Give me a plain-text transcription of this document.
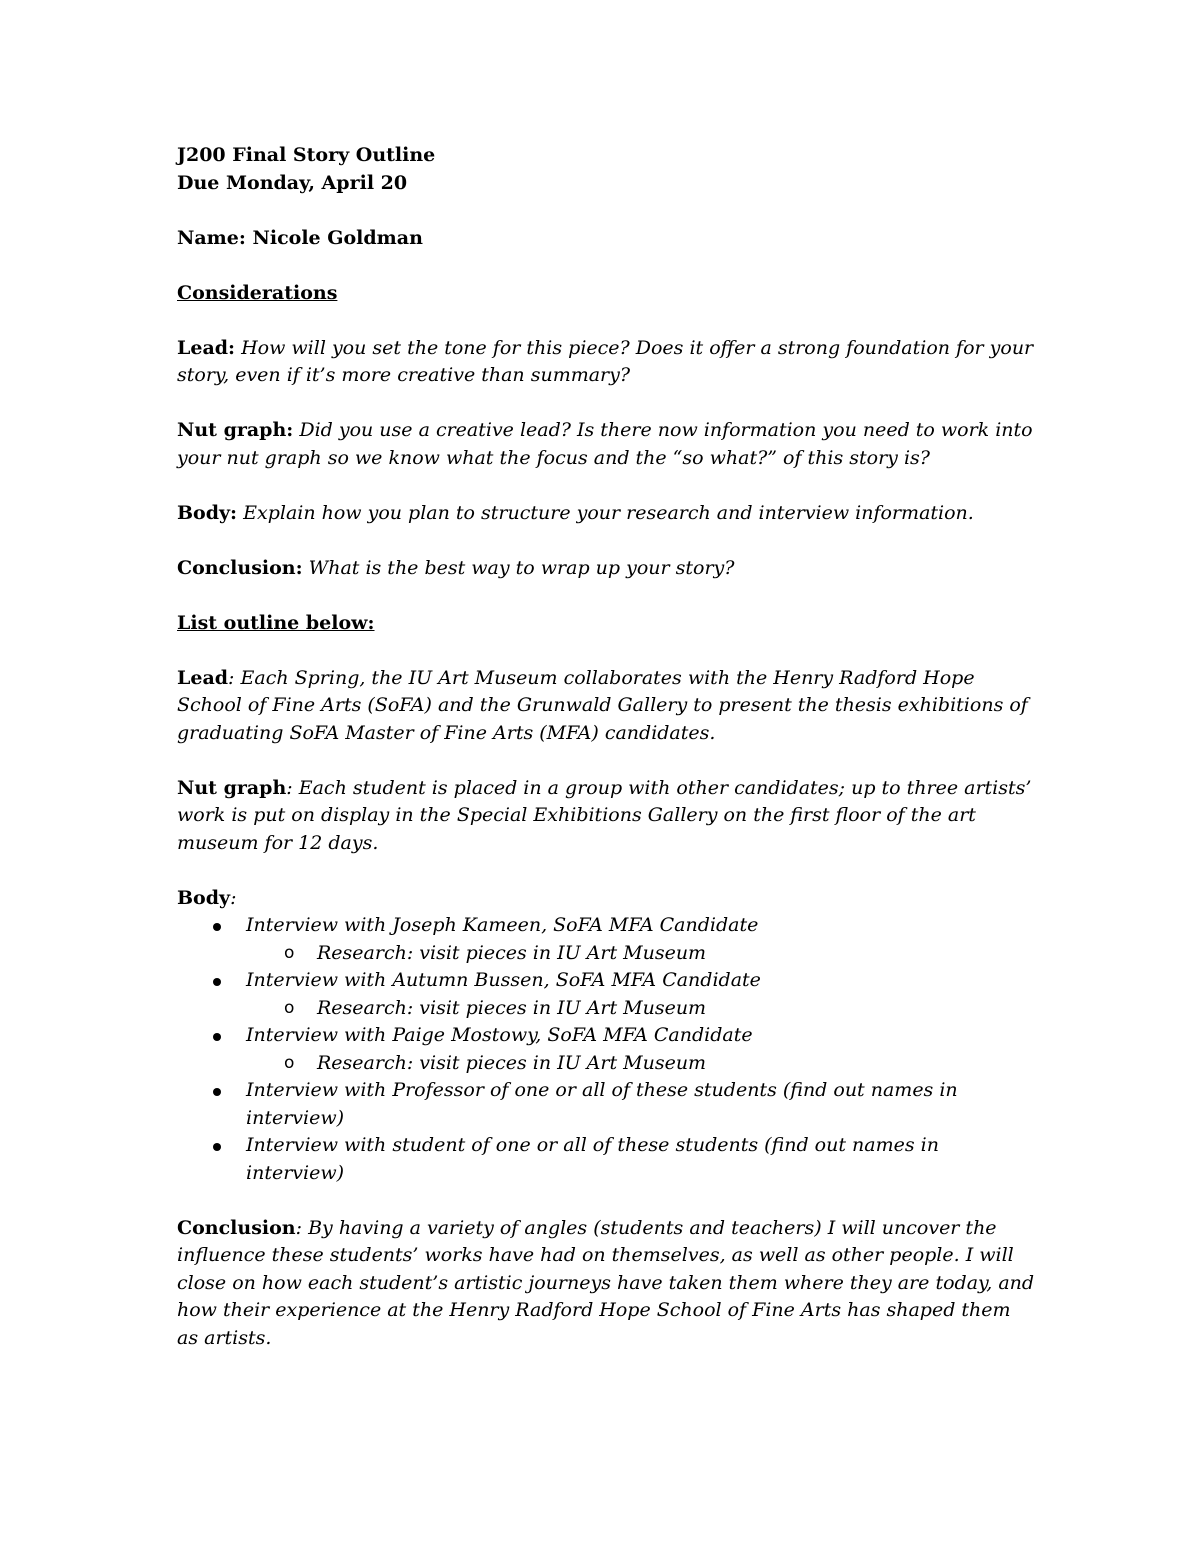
J200 Final Story Outline

Due Monday, April 20

Name: Nicole Goldman

Considerations

Lead: How will you set the tone for this piece? Does it offer a strong foundation for your story, even if it’s more creative than summary?

Nut graph: Did you use a creative lead? Is there now information you need to work into your nut graph so we know what the focus and the “so what?” of this story is?

Body: Explain how you plan to structure your research and interview information.

Conclusion: What is the best way to wrap up your story?

List outline below:

Lead: Each Spring, the IU Art Museum collaborates with the Henry Radford Hope School of Fine Arts (SoFA) and the Grunwald Gallery to present the thesis exhibitions of graduating SoFA Master of Fine Arts (MFA) candidates.

Nut graph: Each student is placed in a group with other candidates; up to three artists’ work is put on display in the Special Exhibitions Gallery on the first floor of the art museum for 12 days.

Body:

Interview with Joseph Kameen, SoFA MFA Candidate
o Research: visit pieces in IU Art Museum
Interview with Autumn Bussen, SoFA MFA Candidate
o Research: visit pieces in IU Art Museum
Interview with Paige Mostowy, SoFA MFA Candidate
o Research: visit pieces in IU Art Museum
Interview with Professor of one or all of these students (find out names in interview)
Interview with student of one or all of these students (find out names in interview)

Conclusion: By having a variety of angles (students and teachers) I will uncover the influence these students’ works have had on themselves, as well as other people. I will close on how each student’s artistic journeys have taken them where they are today, and how their experience at the Henry Radford Hope School of Fine Arts has shaped them as artists.
